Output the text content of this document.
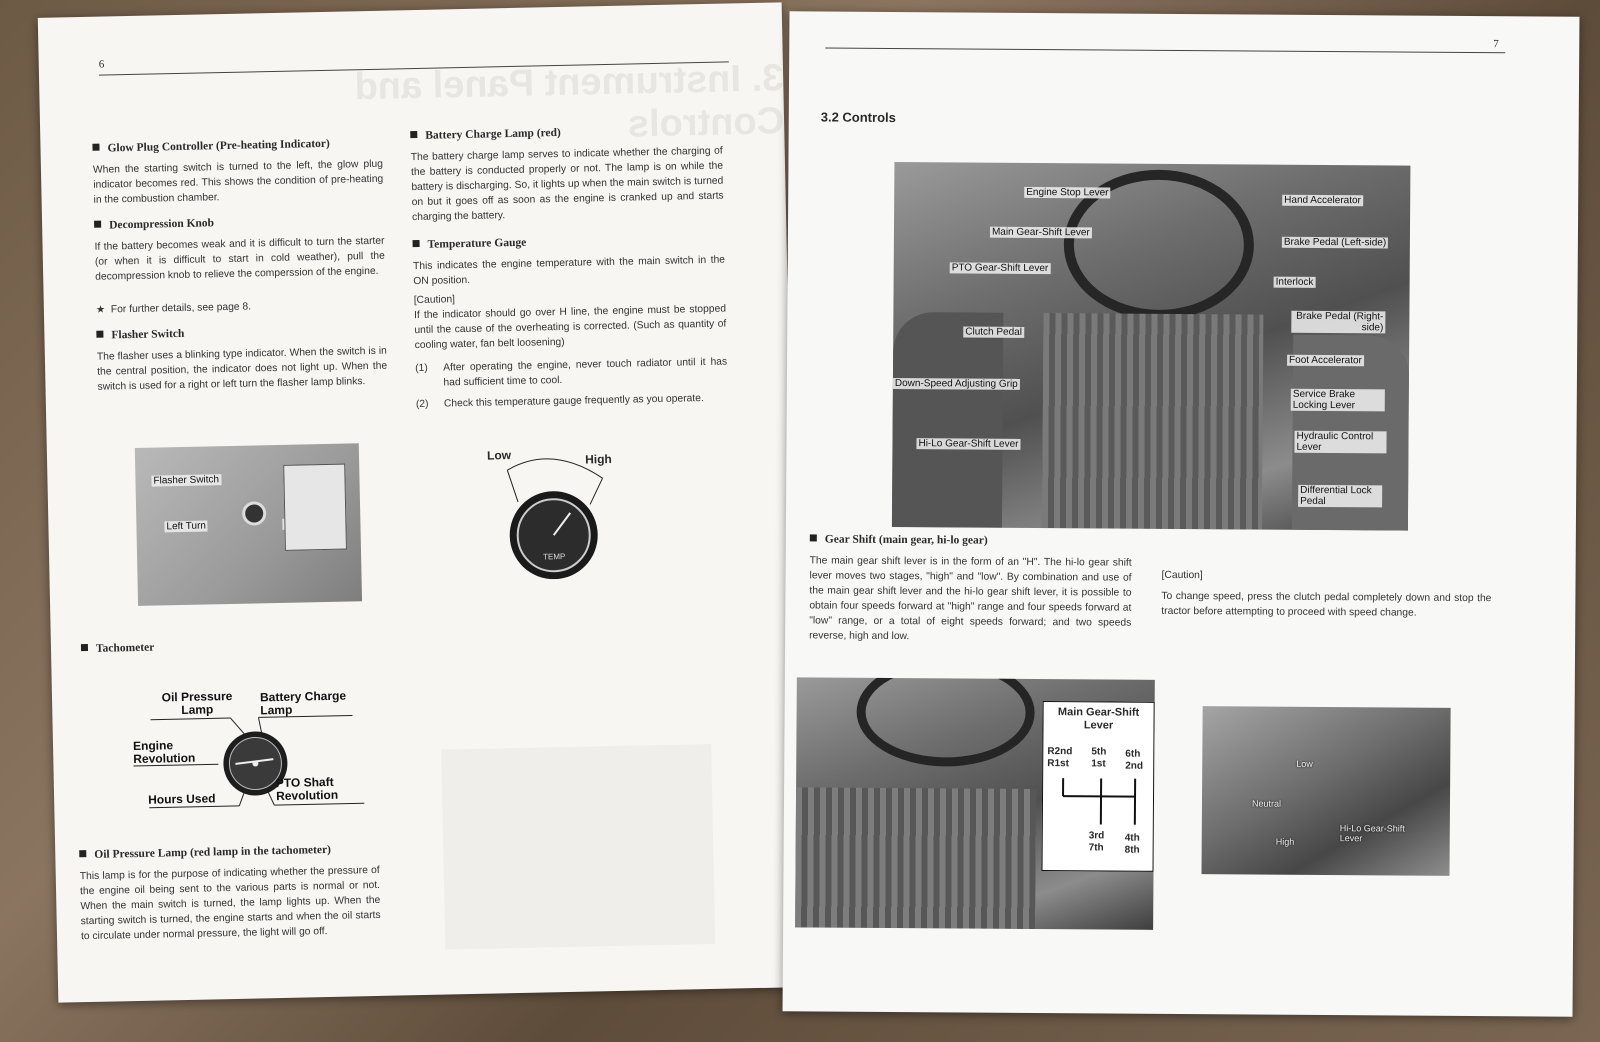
6	3. Instrument Panel and Controls
Glow Plug Controller (Pre-heating Indicator)
When the starting switch is turned to the left, the glow plug indicator becomes red. This shows the condition of pre-heating in the combustion chamber.
Decompression Knob
If the battery becomes weak and it is difficult to turn the starter (or when it is difficult to start in cold weather), pull the decompression knob to relieve the comperssion of the engine.
★  For further details, see page 8.
Flasher Switch
The flasher uses a blinking type indicator. When the switch is in the central position, the indicator does not light up. When the switch is used for a right or left turn the flasher lamp blinks.
Flasher Switch
Left Turn
Tachometer
Oil Pressure Lamp
Battery Charge Lamp
Engine Revolution
Hours Used
PTO Shaft Revolution
Oil Pressure Lamp (red lamp in the tachometer)
This lamp is for the purpose of indicating whether the pressure of the engine oil being sent to the various parts is normal or not. When the main switch is turned, the lamp lights up. When the starting switch is turned, the engine starts and when the oil starts to circulate under normal pressure, the light will go off.
Battery Charge Lamp (red)
The battery charge lamp serves to indicate whether the charging of the battery is conducted properly or not. The lamp is on while the battery is discharging. So, it lights up when the main switch is turned on but it goes off as soon as the engine is cranked up and starts charging the battery.
Temperature Gauge
This indicates the engine temperature with the main switch in the ON position.
[Caution]
If the indicator should go over H line, the engine must be stopped until the cause of the overheating is corrected. (Such as quantity of cooling water, fan belt loosening)
(1)	After operating the engine, never touch radiator until it has had sufficient time to cool.
(2)	Check this temperature gauge frequently as you operate.
TEMP
Low	High
7
3.2 Controls
Engine Stop Lever
Main Gear-Shift Lever
PTO Gear-Shift Lever
Clutch Pedal
Down-Speed Adjusting Grip
Hi-Lo Gear-Shift Lever
Hand Accelerator
Brake Pedal (Left-side)
Interlock
Brake Pedal (Right-side)
Foot Accelerator
Service Brake Locking Lever
Hydraulic Control Lever
Differential Lock Pedal
Gear Shift (main gear, hi-lo gear)
The main gear shift lever is in the form of an "H". The hi-lo gear shift lever moves two stages, "high" and "low". By combination and use of the main gear shift lever and the hi-lo gear shift lever, it is possible to obtain four speeds forward at "high" range and four speeds forward at "low" range, or a total of eight speeds forward; and two speeds reverse, high and low.
[Caution]
To change speed, press the clutch pedal completely down and stop the tractor before attempting to proceed with speed change.
Main Gear-Shift Lever
R2nd R1st
5th 1st
6th 2nd
3rd 7th
4th 8th
Low
Neutral
High
Hi-Lo Gear-Shift Lever
